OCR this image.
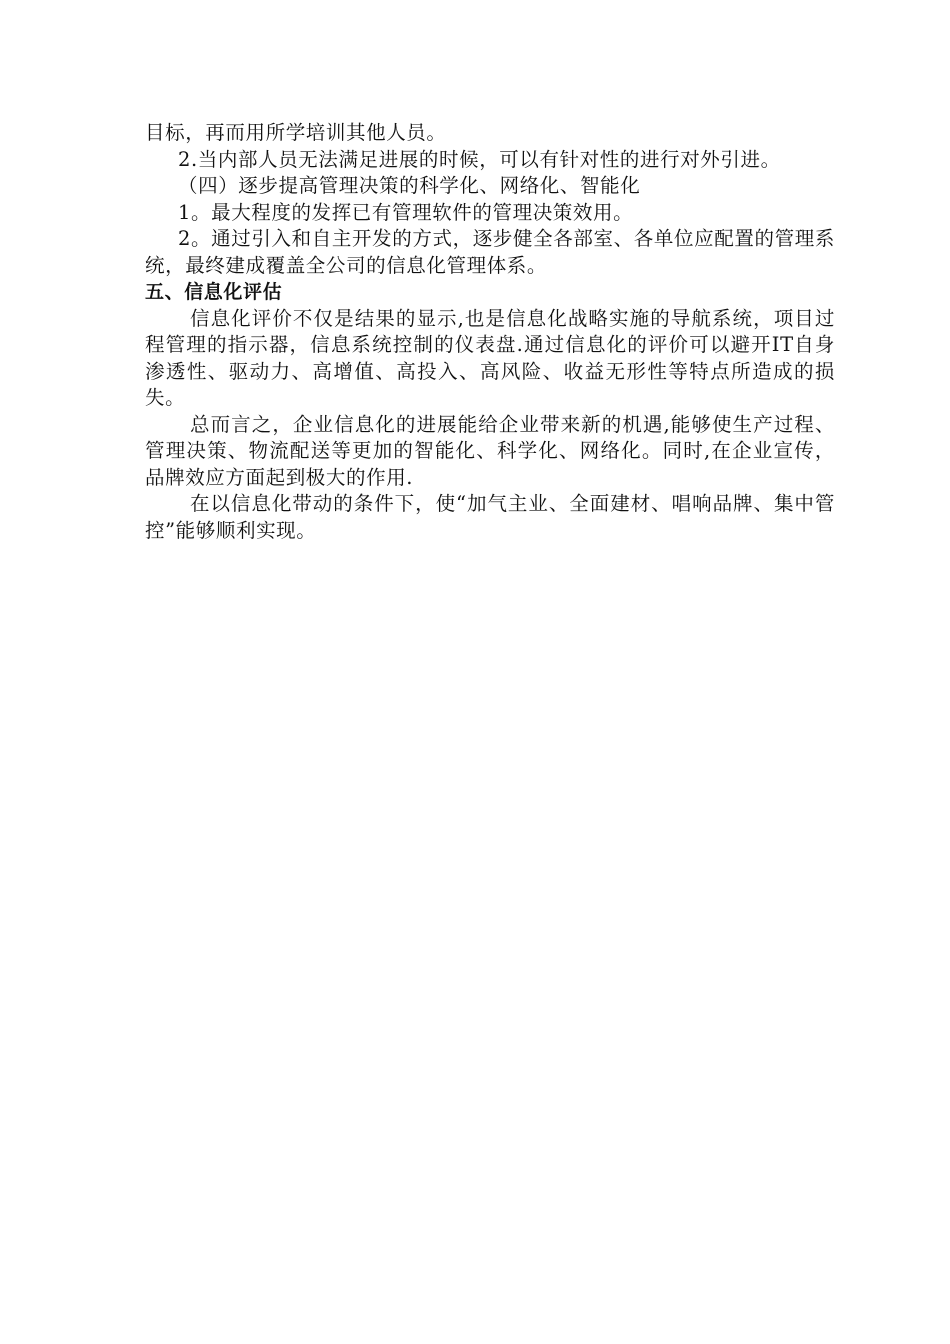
目标，再而用所学培训其他人员。

2.当内部人员无法满足进展的时候，可以有针对性的进行对外引进。

（四）逐步提高管理决策的科学化、网络化、智能化

1。最大程度的发挥已有管理软件的管理决策效用。

2。通过引入和自主开发的方式，逐步健全各部室、各单位应配置的管理系统，最终建成覆盖全公司的信息化管理体系。

五、信息化评估

信息化评价不仅是结果的显示,也是信息化战略实施的导航系统，项目过程管理的指示器，信息系统控制的仪表盘.通过信息化的评价可以避开IT自身渗透性、驱动力、高增值、高投入、高风险、收益无形性等特点所造成的损失。

总而言之，企业信息化的进展能给企业带来新的机遇,能够使生产过程、管理决策、物流配送等更加的智能化、科学化、网络化。同时,在企业宣传，品牌效应方面起到极大的作用.

在以信息化带动的条件下，使“加气主业、全面建材、唱响品牌、集中管控”能够顺利实现。
